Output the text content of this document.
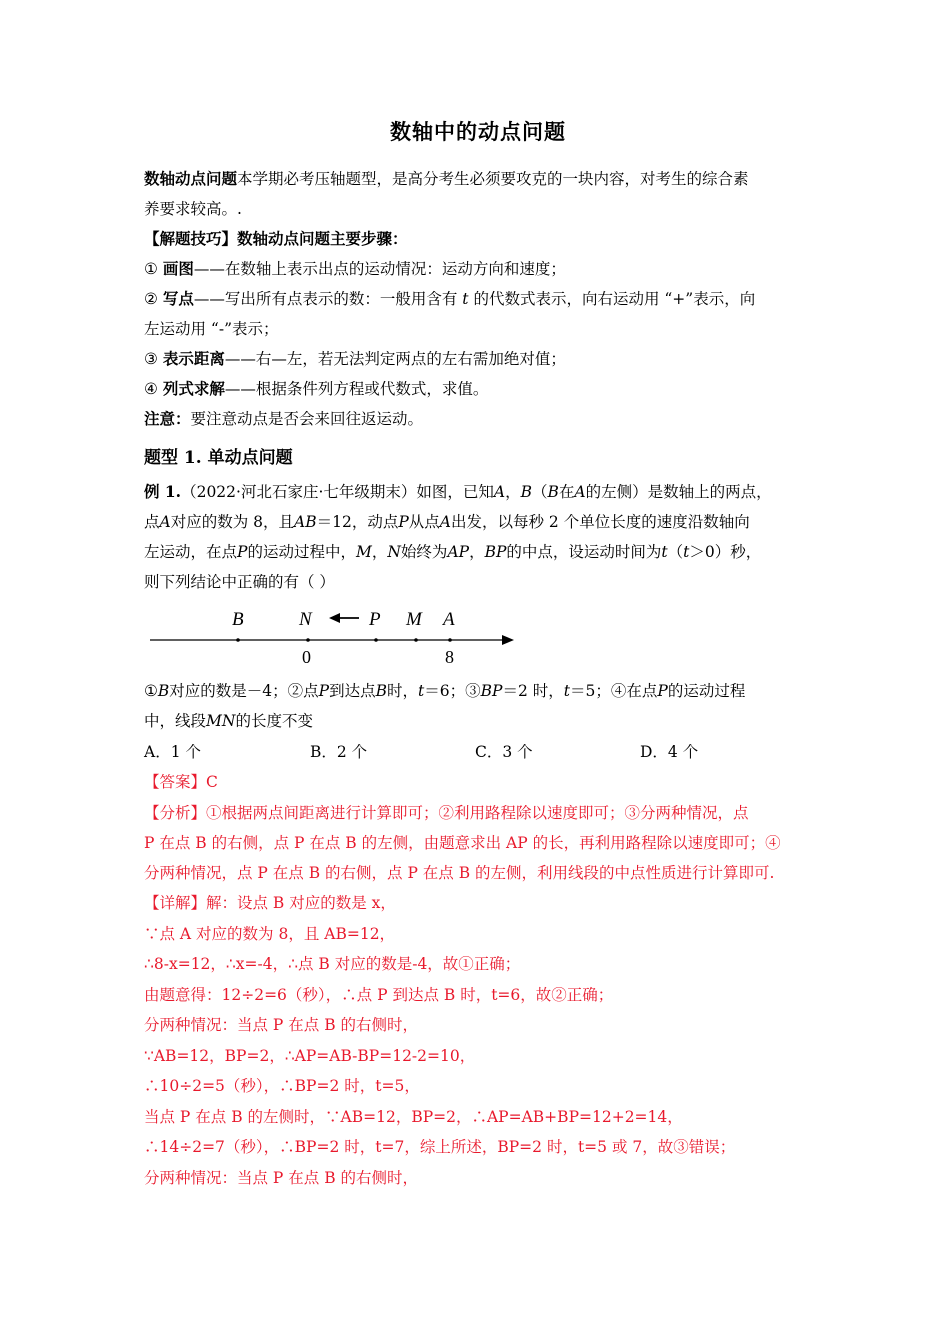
数轴中的动点问题
数轴动点问题本学期必考压轴题型，是高分考生必须要攻克的一块内容，对考生的综合素
养要求较高。.
【解题技巧】数轴动点问题主要步骤：
① 画图——在数轴上表示出点的运动情况：运动方向和速度；
② 写点——写出所有点表示的数：一般用含有 t 的代数式表示，向右运动用 “+”表示，向
左运动用 “-”表示；
③ 表示距离——右—左，若无法判定两点的左右需加绝对值；
④ 列式求解——根据条件列方程或代数式，求值。
注意：要注意动点是否会来回往返运动。
题型 1. 单动点问题
例 1.（2022·河北石家庄·七年级期末）如图，已知A，B（B在A的左侧）是数轴上的两点，
点A对应的数为 8，且AB＝12，动点P从点A出发，以每秒 2 个单位长度的速度沿数轴向
左运动，在点P的运动过程中，M，N始终为AP，BP的中点，设运动时间为t（t＞0）秒，
则下列结论中正确的有（ ）
B	N	P M A
0	8
①B对应的数是－4；②点P到达点B时，t＝6；③BP＝2 时，t＝5；④在点P的运动过程
中，线段MN的长度不变
A．1 个	B．2 个	C．3 个	D．4 个
【答案】C
【分析】①根据两点间距离进行计算即可；②利用路程除以速度即可；③分两种情况，点
P 在点 B 的右侧，点 P 在点 B 的左侧，由题意求出 AP 的长，再利用路程除以速度即可；④
分两种情况，点 P 在点 B 的右侧，点 P 在点 B 的左侧，利用线段的中点性质进行计算即可.
【详解】解：设点 B 对应的数是 x，
∵点 A 对应的数为 8，且 AB=12，
∴8-x=12，∴x=-4，∴点 B 对应的数是-4，故①正确；
由题意得：12÷2=6（秒），∴点 P 到达点 B 时，t=6，故②正确；
分两种情况：当点 P 在点 B 的右侧时，
∵AB=12，BP=2，∴AP=AB-BP=12-2=10，
∴10÷2=5（秒），∴BP=2 时，t=5，
当点 P 在点 B 的左侧时，∵AB=12，BP=2，∴AP=AB+BP=12+2=14，
∴14÷2=7（秒），∴BP=2 时，t=7，综上所述，BP=2 时，t=5 或 7，故③错误；
分两种情况：当点 P 在点 B 的右侧时，
